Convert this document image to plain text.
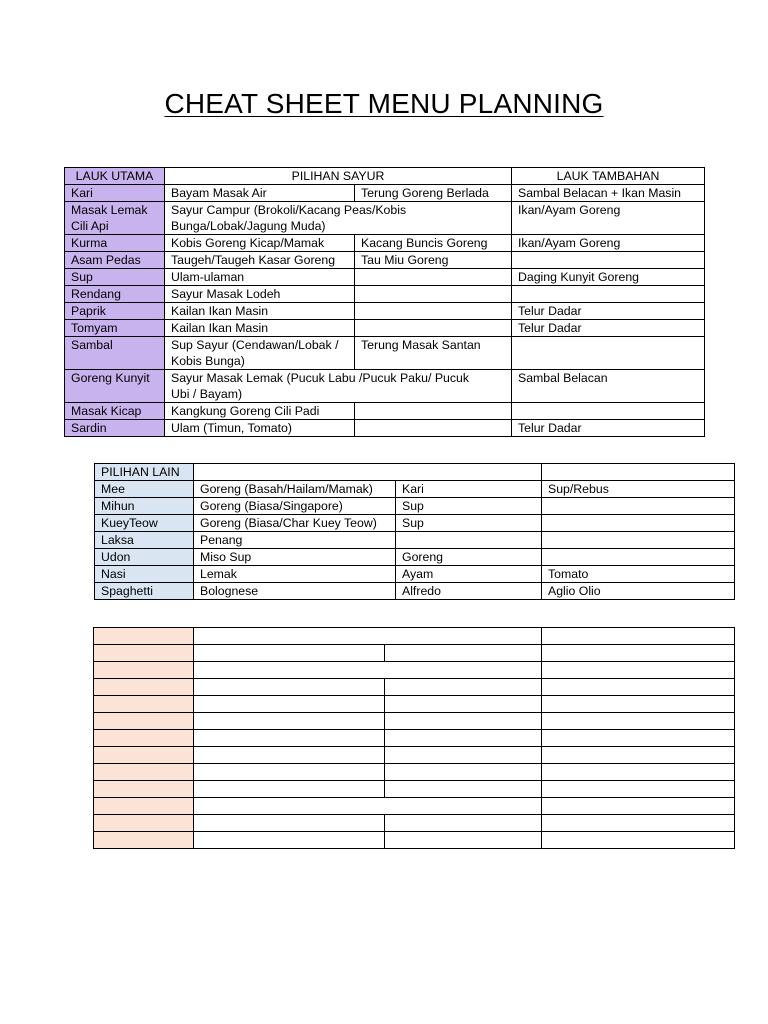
CHEAT SHEET MENU PLANNING
LAUK UTAMA	PILIHAN SAYUR		LAUK TAMBAHAN
Kari	Bayam Masak Air	Terung Goreng Berlada	Sambal Belacan + Ikan Masin
Masak Lemak Cili Api	Sayur Campur (Brokoli/Kacang Peas/Kobis Bunga/Lobak/Jagung Muda)		Ikan/Ayam Goreng
Kurma	Kobis Goreng Kicap/Mamak	Kacang Buncis Goreng	Ikan/Ayam Goreng
Asam Pedas	Taugeh/Taugeh Kasar Goreng	Tau Miu Goreng	
Sup	Ulam-ulaman		Daging Kunyit Goreng
Rendang	Sayur Masak Lodeh		
Paprik	Kailan Ikan Masin		Telur Dadar
Tomyam	Kailan Ikan Masin		Telur Dadar
Sambal	Sup Sayur (Cendawan/Lobak / Kobis Bunga)	Terung Masak Santan	
Goreng Kunyit	Sayur Masak Lemak (Pucuk Labu /Pucuk Paku/ Pucuk Ubi / Bayam)		Sambal Belacan
Masak Kicap	Kangkung Goreng Cili Padi		
Sardin	Ulam (Timun, Tomato)		Telur Dadar
PILIHAN LAIN			
Mee	Goreng (Basah/Hailam/Mamak)	Kari	Sup/Rebus
Mihun	Goreng (Biasa/Singapore)	Sup	
KueyTeow	Goreng (Biasa/Char Kuey Teow)	Sup	
Laksa	Penang		
Udon	Miso Sup	Goreng	
Nasi	Lemak	Ayam	Tomato
Spaghetti	Bolognese	Alfredo	Aglio Olio
